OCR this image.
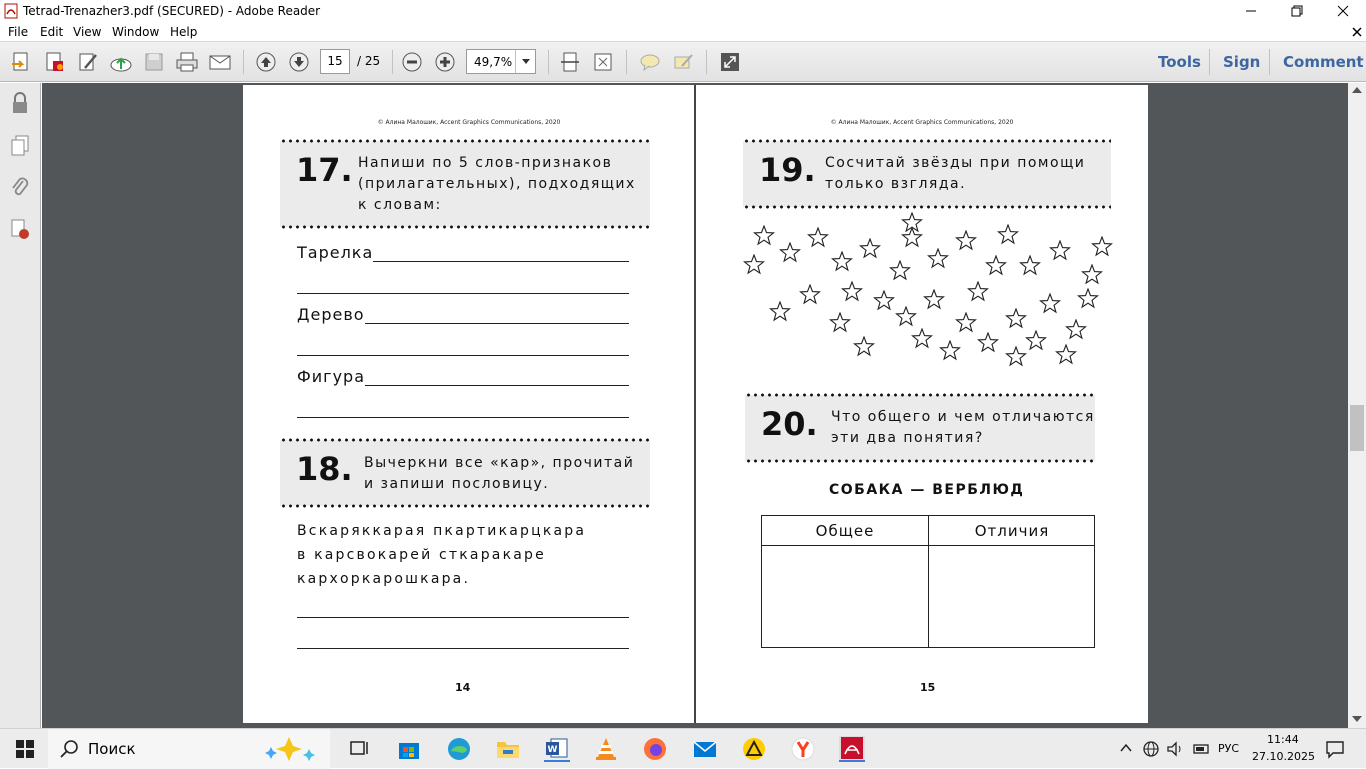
Tetrad-Trenazher3.pdf (SECURED) - Adobe Reader
File Edit View Window Help
15	/ 25	49,7%	Tools Sign Comment
© Алина Малошик, Accent Graphics Communications, 2020
17. Напиши по 5 слов-признаков
(прилагательных), подходящих
к словам:
Тарелка
Дерево
Фигура
18. Вычеркни все «кар», прочитай
и запиши пословицу.
Вскаряккарая пкартикарцкара
в карсвокарей сткаракаре
кархоркарошкара.
14
© Алина Малошик, Accent Graphics Communications, 2020
19. Сосчитай звёзды при помощи
только взгляда.
20. Что общего и чем отличаются
эти два понятия?
СОБАКА — ВЕРБЛЮД
Общее	Отличия
15
Поиск	W	РУС
11:44
27.10.2025
